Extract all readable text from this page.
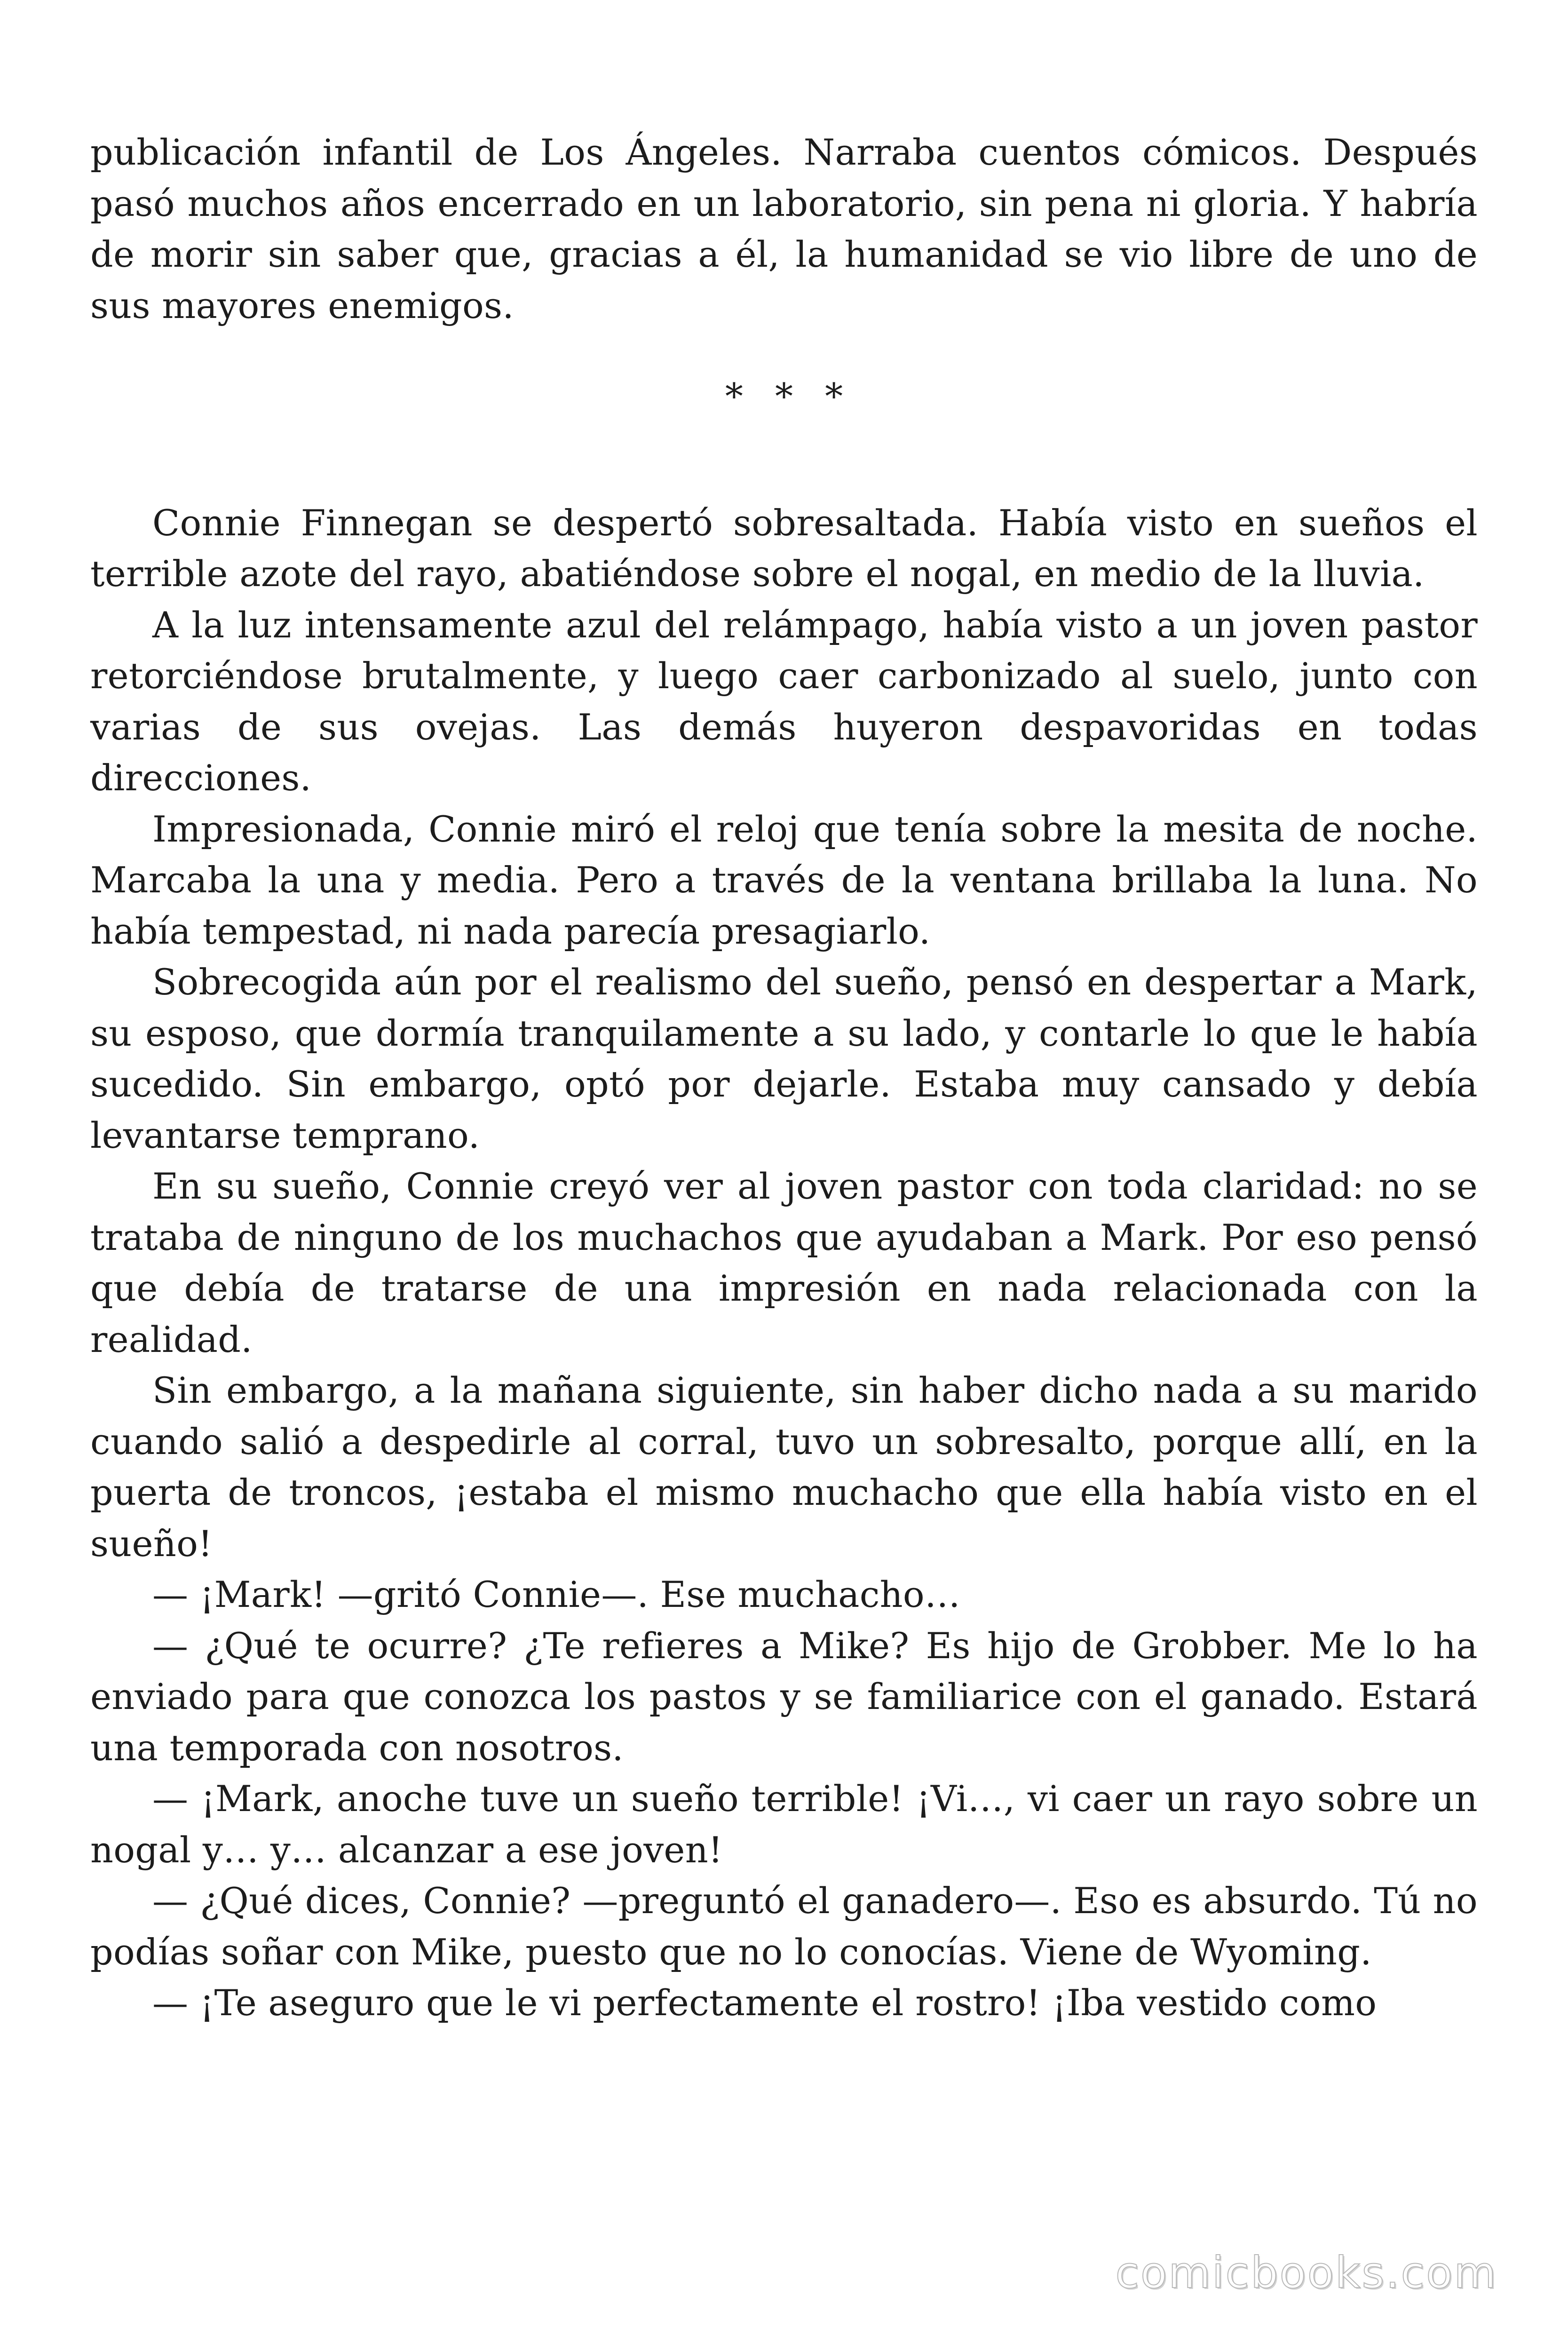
publicación infantil de Los Ángeles. Narraba cuentos cómicos. Después pasó muchos años encerrado en un laboratorio, sin pena ni gloria. Y habría de morir sin saber que, gracias a él, la humanidad se vio libre de uno de sus mayores enemigos.

* * *

Connie Finnegan se despertó sobresaltada. Había visto en sueños el terrible azote del rayo, abatiéndose sobre el nogal, en medio de la lluvia.

A la luz intensamente azul del relámpago, había visto a un joven pastor retorciéndose brutalmente, y luego caer carbonizado al suelo, junto con varias de sus ovejas. Las demás huyeron despavoridas en todas direcciones.

Impresionada, Connie miró el reloj que tenía sobre la mesita de noche. Marcaba la una y media. Pero a través de la ventana brillaba la luna. No había tempestad, ni nada parecía presagiarlo.

Sobrecogida aún por el realismo del sueño, pensó en despertar a Mark, su esposo, que dormía tranquilamente a su lado, y contarle lo que le había sucedido. Sin embargo, optó por dejarle. Estaba muy cansado y debía levantarse temprano.

En su sueño, Connie creyó ver al joven pastor con toda claridad: no se trataba de ninguno de los muchachos que ayudaban a Mark. Por eso pensó que debía de tratarse de una impresión en nada relacionada con la realidad.

Sin embargo, a la mañana siguiente, sin haber dicho nada a su marido cuando salió a despedirle al corral, tuvo un sobresalto, porque allí, en la puerta de troncos, ¡estaba el mismo muchacho que ella había visto en el sueño!

— ¡Mark! —gritó Connie—. Ese muchacho…

— ¿Qué te ocurre? ¿Te refieres a Mike? Es hijo de Grobber. Me lo ha enviado para que conozca los pastos y se familiarice con el ganado. Estará una temporada con nosotros.

— ¡Mark, anoche tuve un sueño terrible! ¡Vi…, vi caer un rayo sobre un nogal y… y… alcanzar a ese joven!

— ¿Qué dices, Connie? —preguntó el ganadero—. Eso es absurdo. Tú no podías soñar con Mike, puesto que no lo conocías. Viene de Wyoming.

— ¡Te aseguro que le vi perfectamente el rostro! ¡Iba vestido como

comicbooks.com
